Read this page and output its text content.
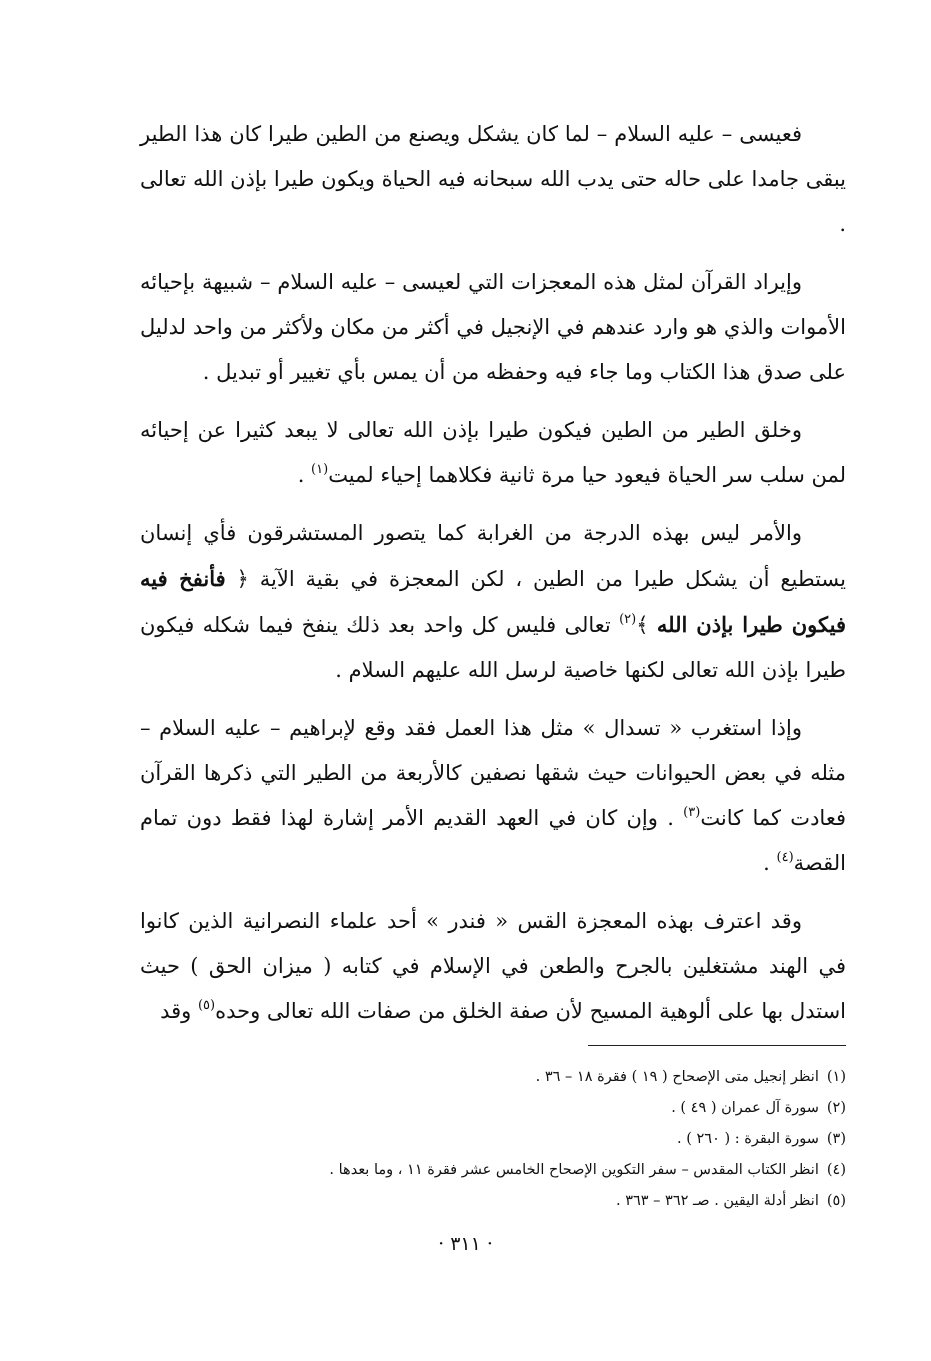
فعيسى – عليه السلام – لما كان يشكل ويصنع من الطين طيرا كان هذا الطير يبقى جامدا على حاله حتى يدب الله سبحانه فيه الحياة ويكون طيرا بإذن الله تعالى .

وإيراد القرآن لمثل هذه المعجزات التي لعيسى – عليه السلام – شبيهة بإحيائه الأموات والذي هو وارد عندهم في الإنجيل في أكثر من مكان ولأكثر من واحد لدليل على صدق هذا الكتاب وما جاء فيه وحفظه من أن يمس بأي تغيير أو تبديل .

وخلق الطير من الطين فيكون طيرا بإذن الله تعالى لا يبعد كثيرا عن إحيائه لمن سلب سر الحياة فيعود حيا مرة ثانية فكلاهما إحياء لميت$^{(١)}$ .

والأمر ليس بهذه الدرجة من الغرابة كما يتصور المستشرقون فأي إنسان يستطيع أن يشكل طيرا من الطين ، لكن المعجزة في بقية الآية ﴿ فأنفخ فيه فيكون طيرا بإذن الله ﴾$^{(٢)}$ تعالى فليس كل واحد بعد ذلك ينفخ فيما شكله فيكون طيرا بإذن الله تعالى لكنها خاصية لرسل الله عليهم السلام .

وإذا استغرب « تسدال » مثل هذا العمل فقد وقع لإبراهيم – عليه السلام – مثله في بعض الحيوانات حيث شقها نصفين كالأربعة من الطير التي ذكرها القرآن فعادت كما كانت$^{(٣)}$ . وإن كان في العهد القديم الأمر إشارة لهذا فقط دون تمام القصة$^{(٤)}$ .

وقد اعترف بهذه المعجزة القس « فندر » أحد علماء النصرانية الذين كانوا في الهند مشتغلين بالجرح والطعن في الإسلام في كتابه ( ميزان الحق ) حيث استدل بها على ألوهية المسيح لأن صفة الخلق من صفات الله تعالى وحده$^{(٥)}$ وقد

(١)انظر إنجيل متى الإصحاح ( ١٩ ) فقرة ١٨ – ٣٦ .
(٢)سورة آل عمران ( ٤٩ ) .
(٣)سورة البقرة : ( ٢٦٠ ) .
(٤)انظر الكتاب المقدس – سفر التكوين الإصحاح الخامس عشر فقرة ١١ ، وما بعدها .
(٥)انظر أدلة اليقين . صـ ٣٦٢ – ٣٦٣ .
· ٣١١ ·
